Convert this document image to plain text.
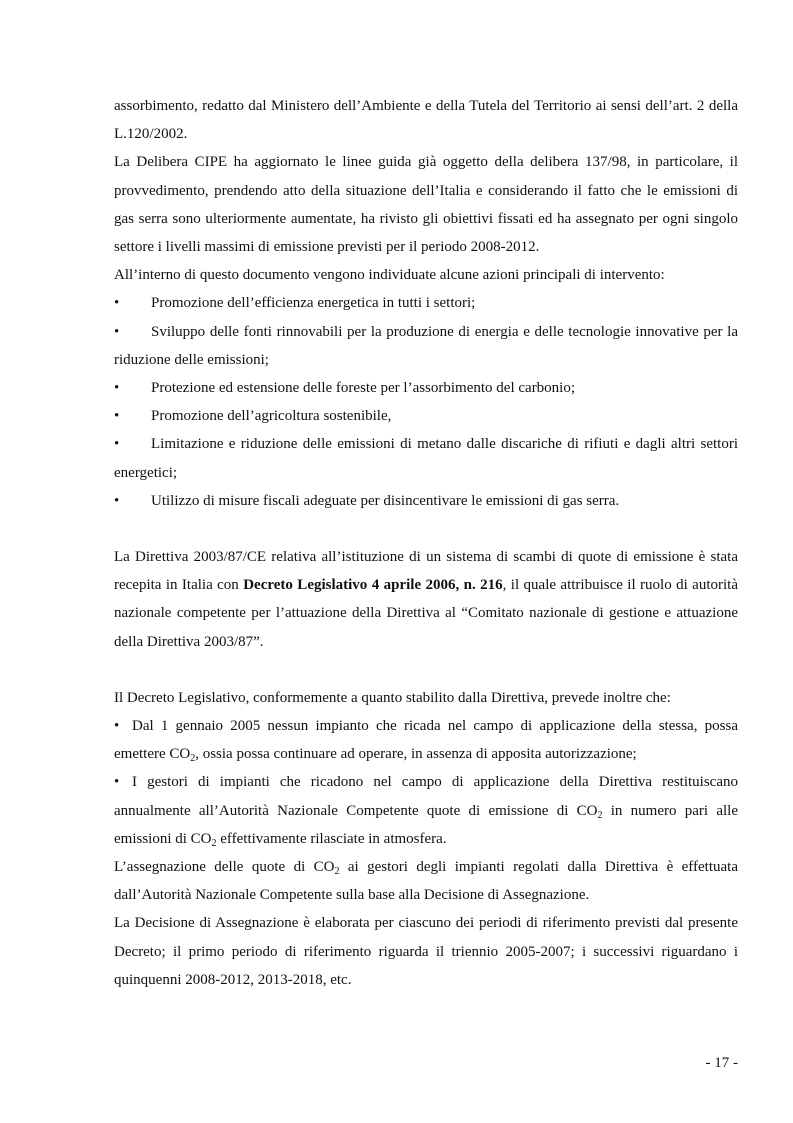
assorbimento, redatto dal Ministero dell’Ambiente e della Tutela del Territorio ai sensi dell’art. 2 della L.120/2002.

La Delibera CIPE ha aggiornato le linee guida già oggetto della delibera 137/98, in particolare, il provvedimento, prendendo atto della situazione dell’Italia e considerando il fatto che le emissioni di gas serra sono ulteriormente aumentate, ha rivisto gli obiettivi fissati ed ha assegnato per ogni singolo settore i livelli massimi di emissione previsti per il periodo 2008-2012.

All’interno di questo documento vengono individuate alcune azioni principali di intervento:

•	Promozione dell’efficienza energetica in tutti i settori;

• Sviluppo delle fonti rinnovabili per la produzione di energia e delle tecnologie innovative per la riduzione delle emissioni;

•	Protezione ed estensione delle foreste per l’assorbimento del carbonio;
•	Promozione dell’agricoltura sostenibile,

• Limitazione e riduzione delle emissioni di metano dalle discariche di rifiuti e dagli altri settori energetici;

•	Utilizzo di misure fiscali adeguate per disincentivare le emissioni di gas serra.

La Direttiva 2003/87/CE relativa all’istituzione di un sistema di scambi di quote di emissione è stata recepita in Italia con Decreto Legislativo 4 aprile 2006, n. 216, il quale attribuisce il ruolo di autorità nazionale competente per l’attuazione della Direttiva al “Comitato nazionale di gestione e attuazione della Direttiva 2003/87”.

Il Decreto Legislativo, conformemente a quanto stabilito dalla Direttiva, prevede inoltre che:

• Dal 1 gennaio 2005 nessun impianto che ricada nel campo di applicazione della stessa, possa emettere $CO_2$, ossia possa continuare ad operare, in assenza di apposita autorizzazione;

• I gestori di impianti che ricadono nel campo di applicazione della Direttiva restituiscano annualmente all’Autorità Nazionale Competente quote di emissione di $CO_2$ in numero pari alle emissioni di $CO_2$ effettivamente rilasciate in atmosfera.

L’assegnazione delle quote di $CO_2$ ai gestori degli impianti regolati dalla Direttiva è effettuata dall’Autorità Nazionale Competente sulla base alla Decisione di Assegnazione.

La Decisione di Assegnazione è elaborata per ciascuno dei periodi di riferimento previsti dal presente Decreto; il primo periodo di riferimento riguarda il triennio 2005-2007; i successivi riguardano i quinquenni 2008-2012, 2013-2018, etc.

- 17 -
